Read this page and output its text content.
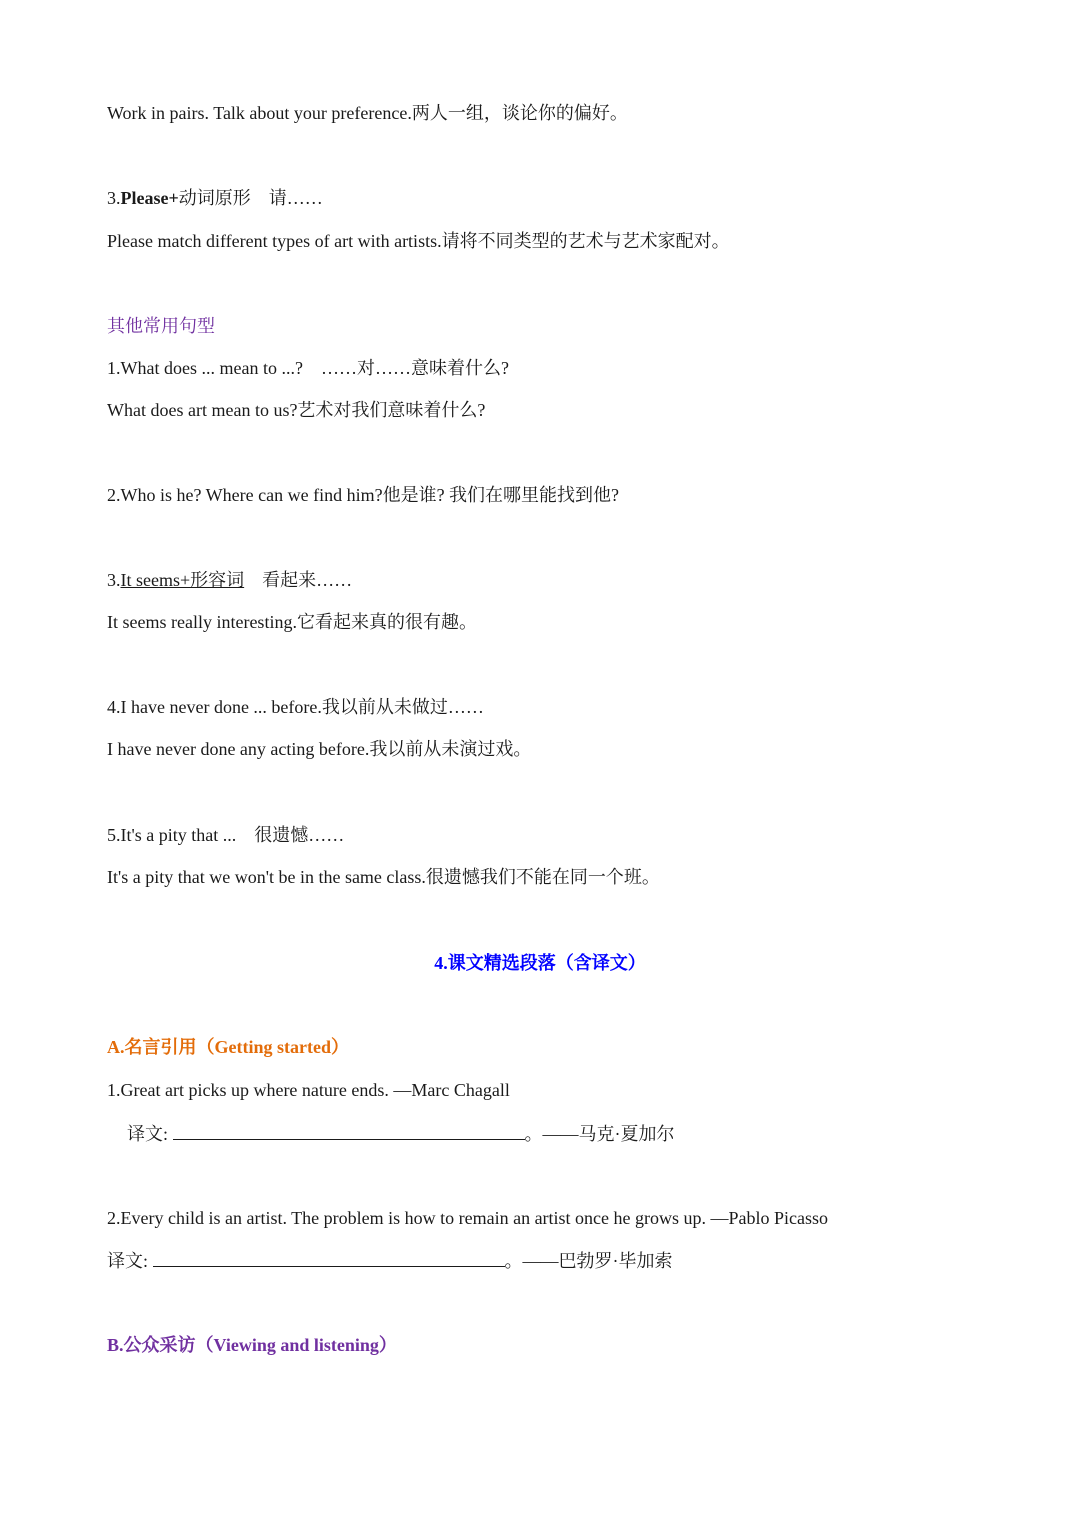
Work in pairs. Talk about your preference.两人一组，谈论你的偏好。
3.Please+动词原形    请……
Please match different types of art with artists.请将不同类型的艺术与艺术家配对。
其他常用句型
1.What does ... mean to ...?    ……对……意味着什么?
What does art mean to us?艺术对我们意味着什么?
2.Who is he? Where can we find him?他是谁? 我们在哪里能找到他?
3.It seems+形容词    看起来……
It seems really interesting.它看起来真的很有趣。
4.I have never done ... before.我以前从未做过……
I have never done any acting before.我以前从未演过戏。
5.It's a pity that ...    很遗憾……
It's a pity that we won't be in the same class.很遗憾我们不能在同一个班。
4.课文精选段落（含译文）
A.名言引用（Getting started）
1.Great art picks up where nature ends. —Marc Chagall
译文:	。——马克·夏加尔
2.Every child is an artist. The problem is how to remain an artist once he grows up. —Pablo Picasso
译文:	。——巴勃罗·毕加索
B.公众采访（Viewing and listening）
